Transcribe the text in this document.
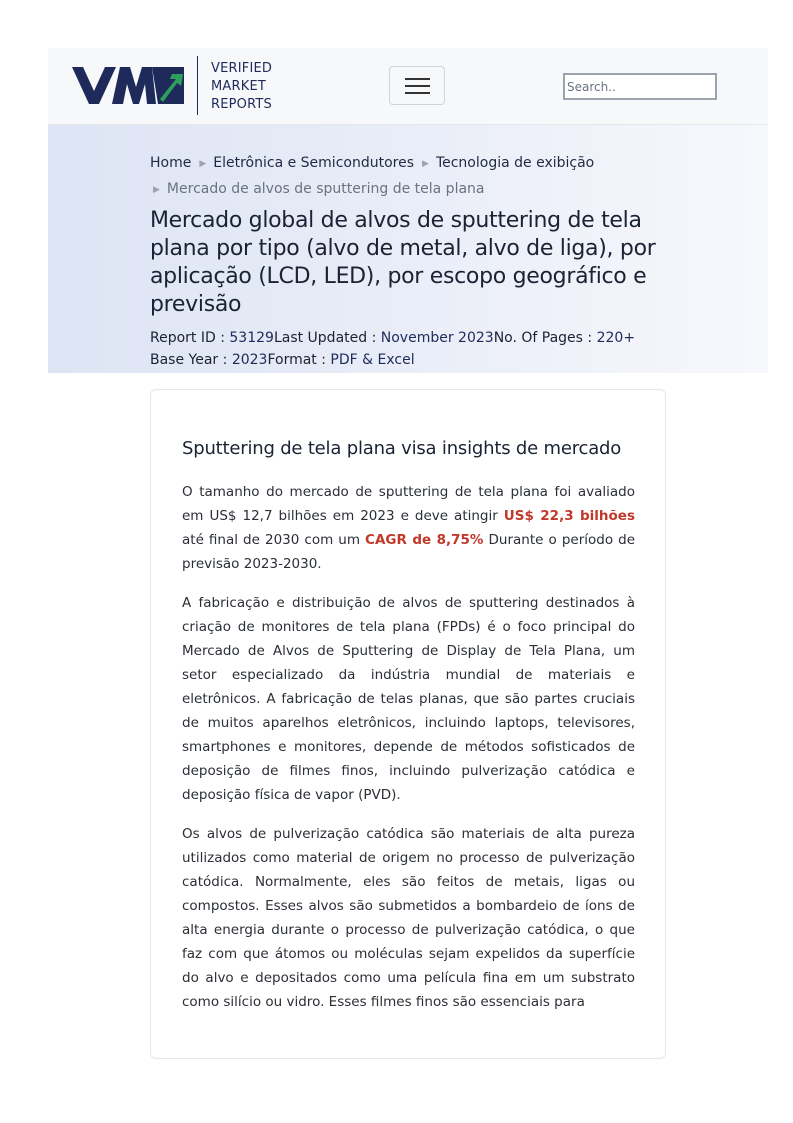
VERIFIED
MARKET
REPORTS
Search..
Home ▶ Eletrônica e Semicondutores ▶ Tecnologia de exibição
▶ Mercado de alvos de sputtering de tela plana
Mercado global de alvos de sputtering de tela plana por tipo (alvo de metal, alvo de liga), por aplicação (LCD, LED), por escopo geográfico e previsão
Report ID : 53129Last Updated : November 2023No. Of Pages : 220+
Base Year : 2023Format : PDF & Excel
Sputtering de tela plana visa insights de mercado

O tamanho do mercado de sputtering de tela plana foi avaliado em US$ 12,7 bilhões em 2023 e deve atingir US$ 22,3 bilhões até final de 2030 com um CAGR de 8,75% Durante o período de previsão 2023-2030.

A fabricação e distribuição de alvos de sputtering destinados à criação de monitores de tela plana (FPDs) é o foco principal do Mercado de Alvos de Sputtering de Display de Tela Plana, um setor especializado da indústria mundial de materiais e eletrônicos. A fabricação de telas planas, que são partes cruciais de muitos aparelhos eletrônicos, incluindo laptops, televisores, smartphones e monitores, depende de métodos sofisticados de deposição de filmes finos, incluindo pulverização catódica e deposição física de vapor (PVD).

Os alvos de pulverização catódica são materiais de alta pureza utilizados como material de origem no processo de pulverização catódica. Normalmente, eles são feitos de metais, ligas ou compostos. Esses alvos são submetidos a bombardeio de íons de alta energia durante o processo de pulverização catódica, o que faz com que átomos ou moléculas sejam expelidos da superfície do alvo e depositados como uma película fina em um substrato como silício ou vidro. Esses filmes finos são essenciais para
